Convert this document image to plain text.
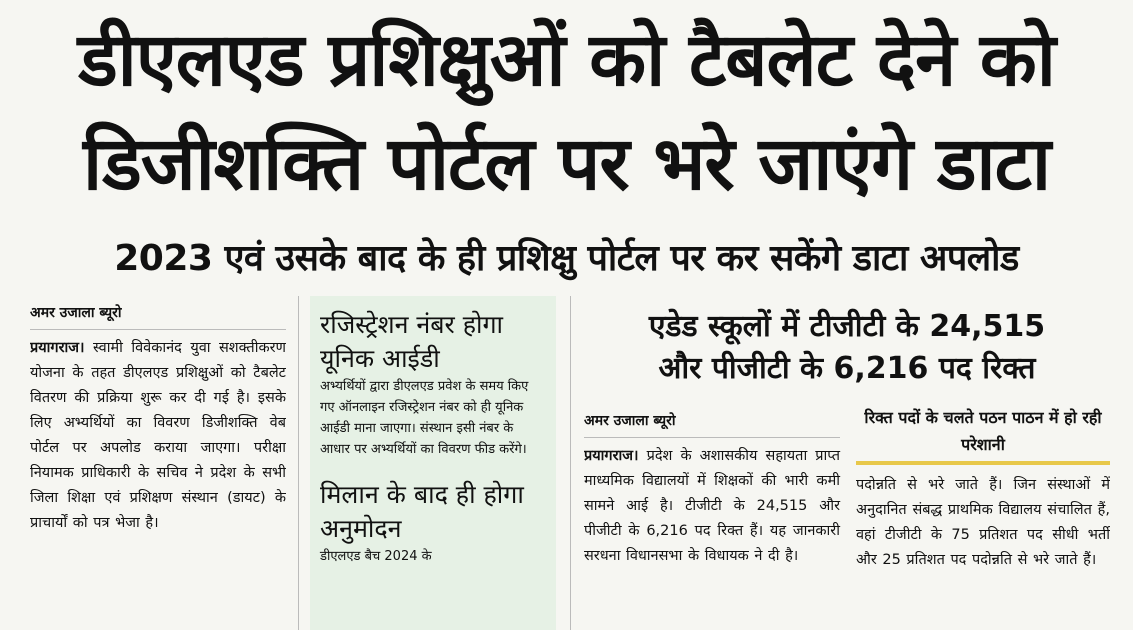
डीएलएड प्रशिक्षुओं को टैबलेट देने को
डिजीशक्ति पोर्टल पर भरे जाएंगे डाटा
2023 एवं उसके बाद के ही प्रशिक्षु पोर्टल पर कर सकेंगे डाटा अपलोड
अमर उजाला ब्यूरो
प्रयागराज। स्वामी विवेकानंद युवा सशक्तीकरण योजना के तहत डीएलएड प्रशिक्षुओं को टैबलेट वितरण की प्रक्रिया शुरू कर दी गई है। इसके लिए अभ्यर्थियों का विवरण डिजीशक्ति वेब पोर्टल पर अपलोड कराया जाएगा। परीक्षा नियामक प्राधिकारी के सचिव ने प्रदेश के सभी जिला शिक्षा एवं प्रशिक्षण संस्थान (डायट) के प्राचार्यों को पत्र भेजा है।
रजिस्ट्रेशन नंबर होगा यूनिक आईडी
अभ्यर्थियों द्वारा डीएलएड प्रवेश के समय किए गए ऑनलाइन रजिस्ट्रेशन नंबर को ही यूनिक आईडी माना जाएगा। संस्थान इसी नंबर के आधार पर अभ्यर्थियों का विवरण फीड करेंगे।
मिलान के बाद ही होगा अनुमोदन
डीएलएड बैच 2024 के
एडेड स्कूलों में टीजीटी के 24,515
और पीजीटी के 6,216 पद रिक्त
अमर उजाला ब्यूरो
प्रयागराज। प्रदेश के अशासकीय सहायता प्राप्त माध्यमिक विद्यालयों में शिक्षकों की भारी कमी सामने आई है। टीजीटी के 24,515 और पीजीटी के 6,216 पद रिक्त हैं। यह जानकारी सरधना विधानसभा के विधायक ने दी है।
रिक्त पदों के चलते पठन पाठन में हो रही परेशानी
पदोन्नति से भरे जाते हैं। जिन संस्थाओं में अनुदानित संबद्ध प्राथमिक विद्यालय संचालित हैं, वहां टीजीटी के 75 प्रतिशत पद सीधी भर्ती और 25 प्रतिशत पद पदोन्नति से भरे जाते हैं।
